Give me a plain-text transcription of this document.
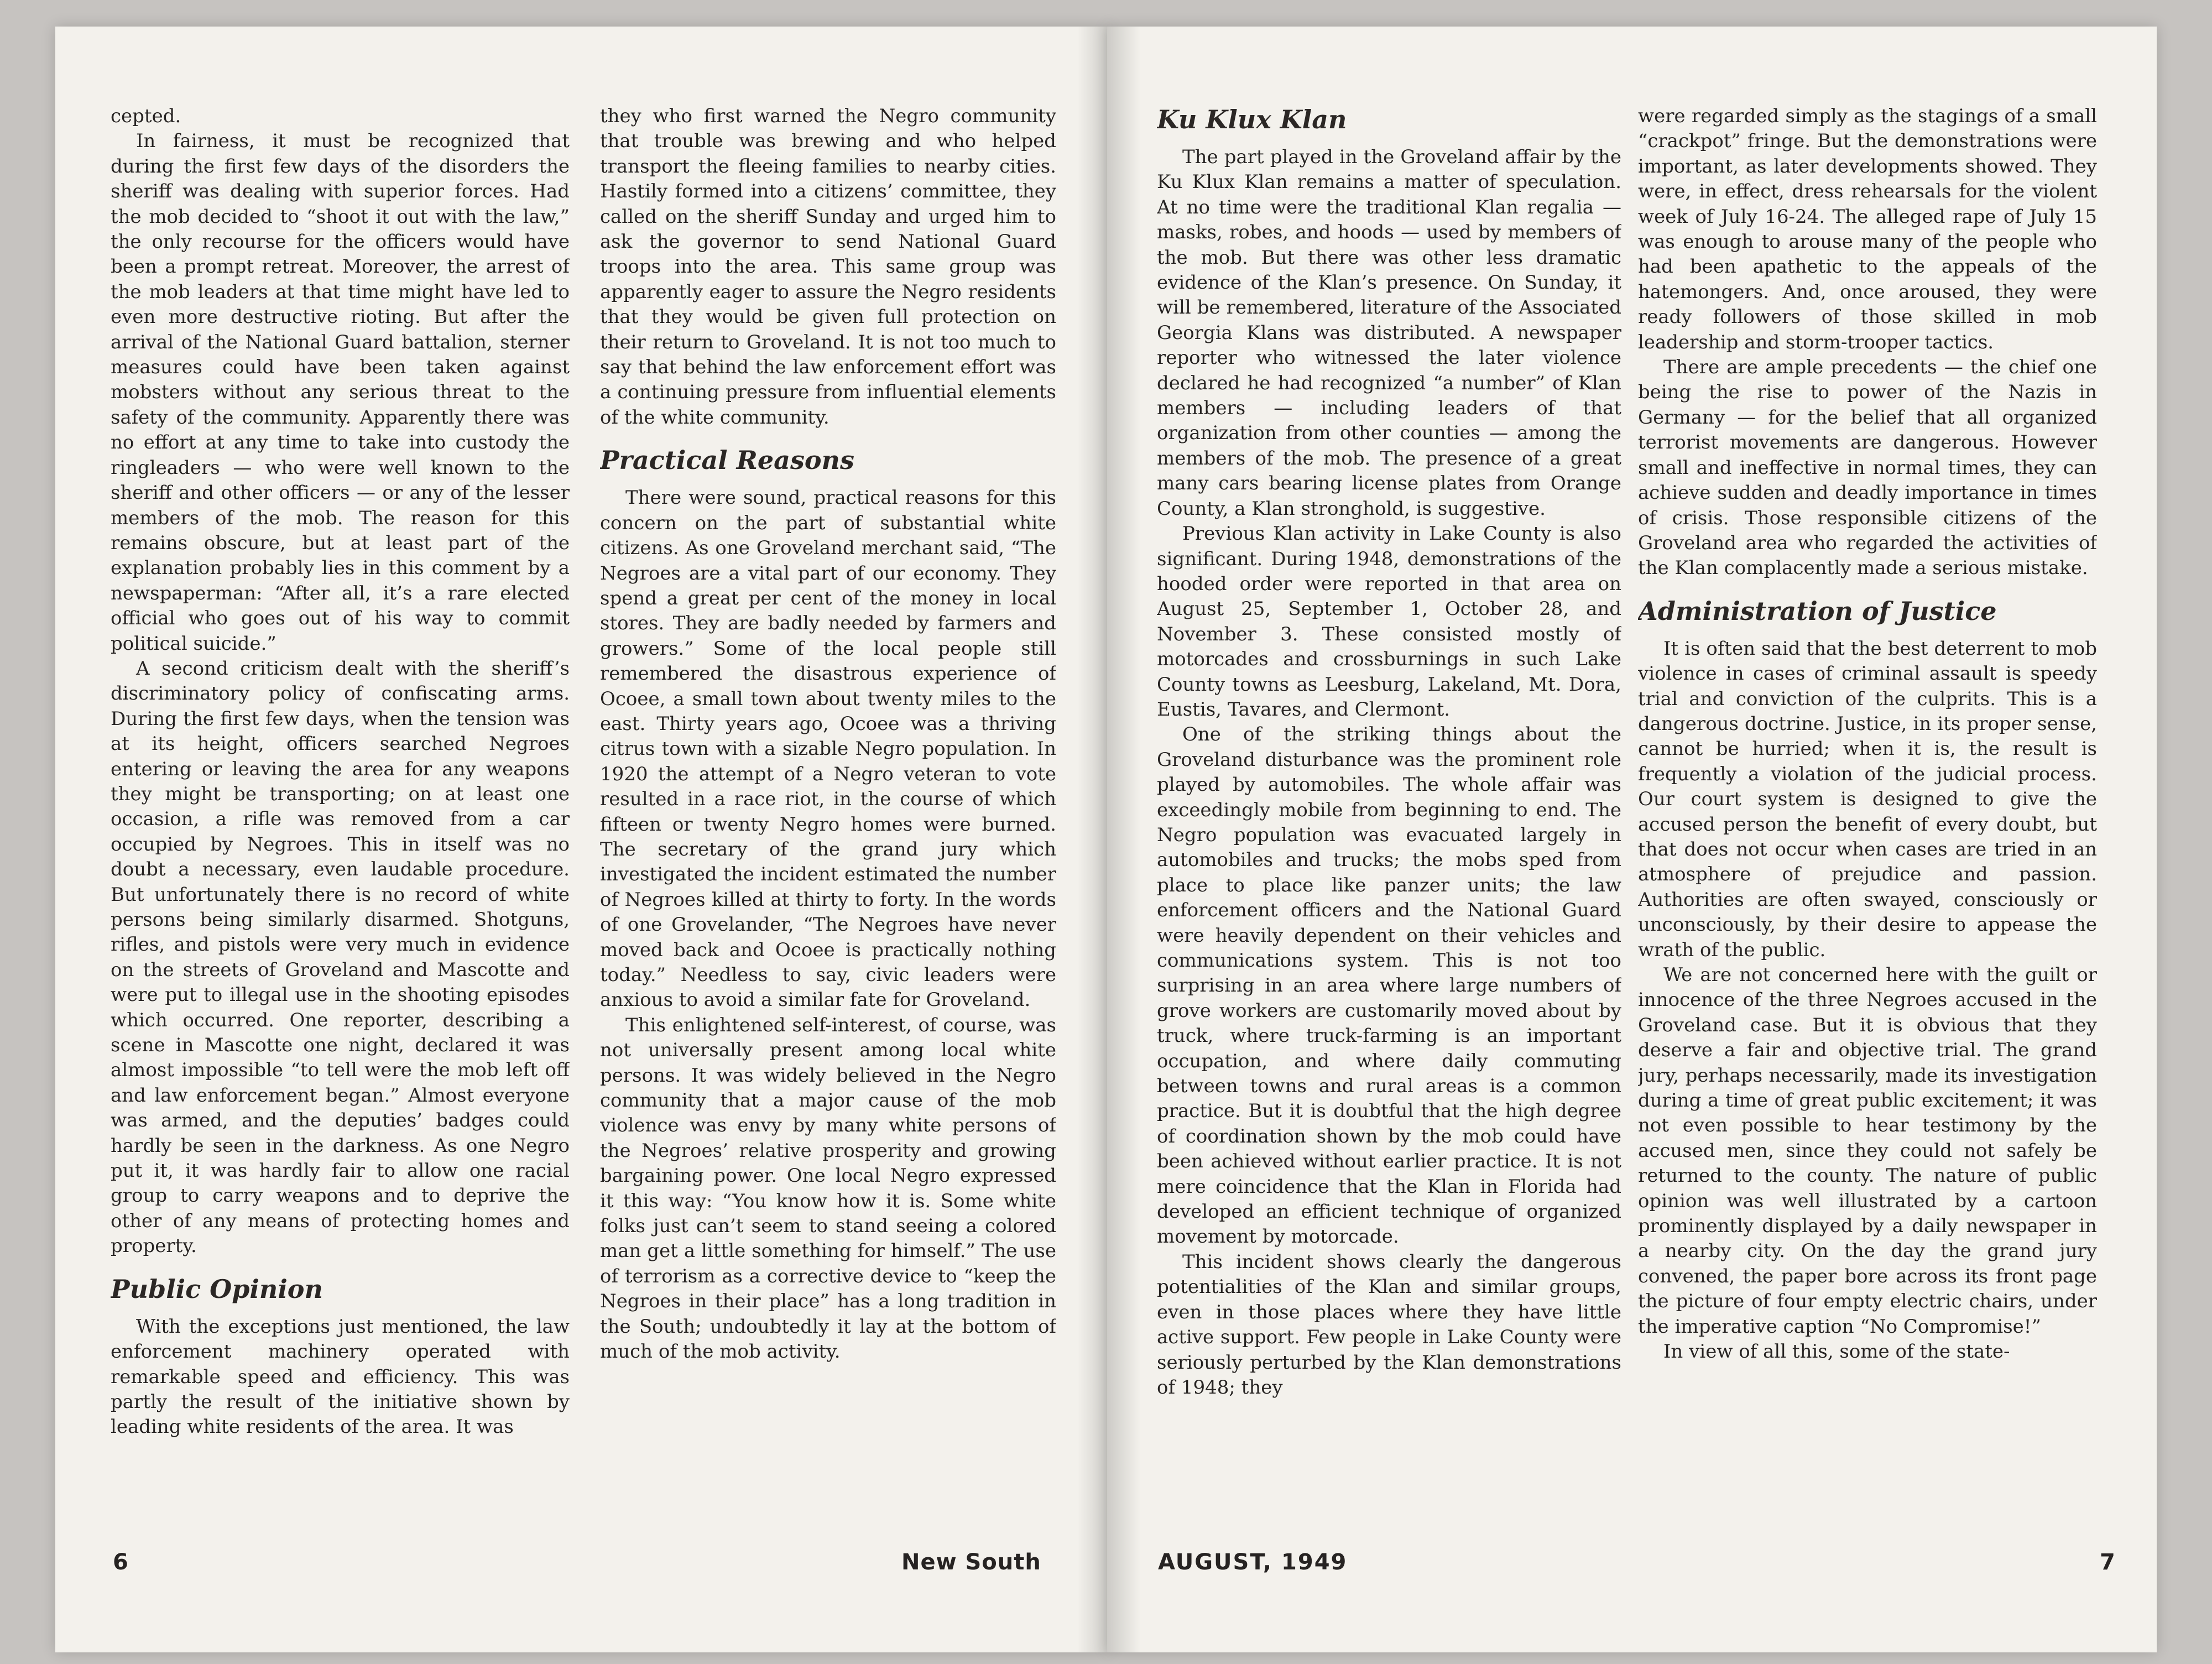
cepted.

In fairness, it must be recognized that during the first few days of the disorders the sheriff was dealing with superior forces. Had the mob decided to “shoot it out with the law,” the only recourse for the officers would have been a prompt retreat. Moreover, the arrest of the mob leaders at that time might have led to even more destructive rioting. But after the arrival of the National Guard battalion, sterner measures could have been taken against mobsters without any serious threat to the safety of the community. Apparently there was no effort at any time to take into custody the ringleaders — who were well known to the sheriff and other officers — or any of the lesser members of the mob. The reason for this remains obscure, but at least part of the explanation probably lies in this comment by a newspaperman: “After all, it’s a rare elected official who goes out of his way to commit political suicide.”

A second criticism dealt with the sheriff’s discriminatory policy of confiscating arms. During the first few days, when the tension was at its height, officers searched Negroes entering or leaving the area for any weapons they might be transporting; on at least one occasion, a rifle was removed from a car occupied by Negroes. This in itself was no doubt a necessary, even laudable procedure. But unfortunately there is no record of white persons being similarly disarmed. Shotguns, rifles, and pistols were very much in evidence on the streets of Groveland and Mascotte and were put to illegal use in the shooting episodes which occurred. One reporter, describing a scene in Mascotte one night, declared it was almost impossible “to tell were the mob left off and law enforcement began.” Almost everyone was armed, and the deputies’ badges could hardly be seen in the darkness. As one Negro put it, it was hardly fair to allow one racial group to carry weapons and to deprive the other of any means of protecting homes and property.

Public Opinion

With the exceptions just mentioned, the law enforcement machinery operated with remarkable speed and efficiency. This was partly the result of the initiative shown by leading white residents of the area. It was

they who first warned the Negro community that trouble was brewing and who helped transport the fleeing families to nearby cities. Hastily formed into a citizens’ committee, they called on the sheriff Sunday and urged him to ask the governor to send National Guard troops into the area. This same group was apparently eager to assure the Negro residents that they would be given full protection on their return to Groveland. It is not too much to say that behind the law enforcement effort was a continuing pressure from influential elements of the white community.

Practical Reasons

There were sound, practical reasons for this concern on the part of substantial white citizens. As one Groveland merchant said, “The Negroes are a vital part of our economy. They spend a great per cent of the money in local stores. They are badly needed by farmers and growers.” Some of the local people still remembered the disastrous experience of Ocoee, a small town about twenty miles to the east. Thirty years ago, Ocoee was a thriving citrus town with a sizable Negro population. In 1920 the attempt of a Negro veteran to vote resulted in a race riot, in the course of which fifteen or twenty Negro homes were burned. The secretary of the grand jury which investigated the incident estimated the number of Negroes killed at thirty to forty. In the words of one Grovelander, “The Negroes have never moved back and Ocoee is practically nothing today.” Needless to say, civic leaders were anxious to avoid a similar fate for Groveland.

This enlightened self-interest, of course, was not universally present among local white persons. It was widely believed in the Negro community that a major cause of the mob violence was envy by many white persons of the Negroes’ relative prosperity and growing bargaining power. One local Negro expressed it this way: “You know how it is. Some white folks just can’t seem to stand seeing a colored man get a little something for himself.” The use of terrorism as a corrective device to “keep the Negroes in their place” has a long tradition in the South; undoubtedly it lay at the bottom of much of the mob activity.

6	New South
Ku Klux Klan

The part played in the Groveland affair by the Ku Klux Klan remains a matter of speculation. At no time were the traditional Klan regalia — masks, robes, and hoods — used by members of the mob. But there was other less dramatic evidence of the Klan’s presence. On Sunday, it will be remembered, literature of the Associated Georgia Klans was distributed. A newspaper reporter who witnessed the later violence declared he had recognized “a number” of Klan members — including leaders of that organization from other counties — among the members of the mob. The presence of a great many cars bearing license plates from Orange County, a Klan stronghold, is suggestive.

Previous Klan activity in Lake County is also significant. During 1948, demonstrations of the hooded order were reported in that area on August 25, September 1, October 28, and November 3. These consisted mostly of motorcades and crossburnings in such Lake County towns as Leesburg, Lakeland, Mt. Dora, Eustis, Tavares, and Clermont.

One of the striking things about the Groveland disturbance was the prominent role played by automobiles. The whole affair was exceedingly mobile from beginning to end. The Negro population was evacuated largely in automobiles and trucks; the mobs sped from place to place like panzer units; the law enforcement officers and the National Guard were heavily dependent on their vehicles and communications system. This is not too surprising in an area where large numbers of grove workers are customarily moved about by truck, where truck-farming is an important occupation, and where daily commuting between towns and rural areas is a common practice. But it is doubtful that the high degree of coordination shown by the mob could have been achieved without earlier practice. It is not mere coincidence that the Klan in Florida had developed an efficient technique of organized movement by motorcade.

This incident shows clearly the dangerous potentialities of the Klan and similar groups, even in those places where they have little active support. Few people in Lake County were seriously perturbed by the Klan demonstrations of 1948; they

were regarded simply as the stagings of a small “crackpot” fringe. But the demonstrations were important, as later developments showed. They were, in effect, dress rehearsals for the violent week of July 16-24. The alleged rape of July 15 was enough to arouse many of the people who had been apathetic to the appeals of the hatemongers. And, once aroused, they were ready followers of those skilled in mob leadership and storm-trooper tactics.

There are ample precedents — the chief one being the rise to power of the Nazis in Germany — for the belief that all organized terrorist movements are dangerous. However small and ineffective in normal times, they can achieve sudden and deadly importance in times of crisis. Those responsible citizens of the Groveland area who regarded the activities of the Klan complacently made a serious mistake.

Administration of Justice

It is often said that the best deterrent to mob violence in cases of criminal assault is speedy trial and conviction of the culprits. This is a dangerous doctrine. Justice, in its proper sense, cannot be hurried; when it is, the result is frequently a violation of the judicial process. Our court system is designed to give the accused person the benefit of every doubt, but that does not occur when cases are tried in an atmosphere of prejudice and passion. Authorities are often swayed, consciously or unconsciously, by their desire to appease the wrath of the public.

We are not concerned here with the guilt or innocence of the three Negroes accused in the Groveland case. But it is obvious that they deserve a fair and objective trial. The grand jury, perhaps necessarily, made its investigation during a time of great public excitement; it was not even possible to hear testimony by the accused men, since they could not safely be returned to the county. The nature of public opinion was well illustrated by a cartoon prominently displayed by a daily newspaper in a nearby city. On the day the grand jury convened, the paper bore across its front page the picture of four empty electric chairs, under the imperative caption “No Compromise!”

In view of all this, some of the state-

AUGUST, 1949	7
